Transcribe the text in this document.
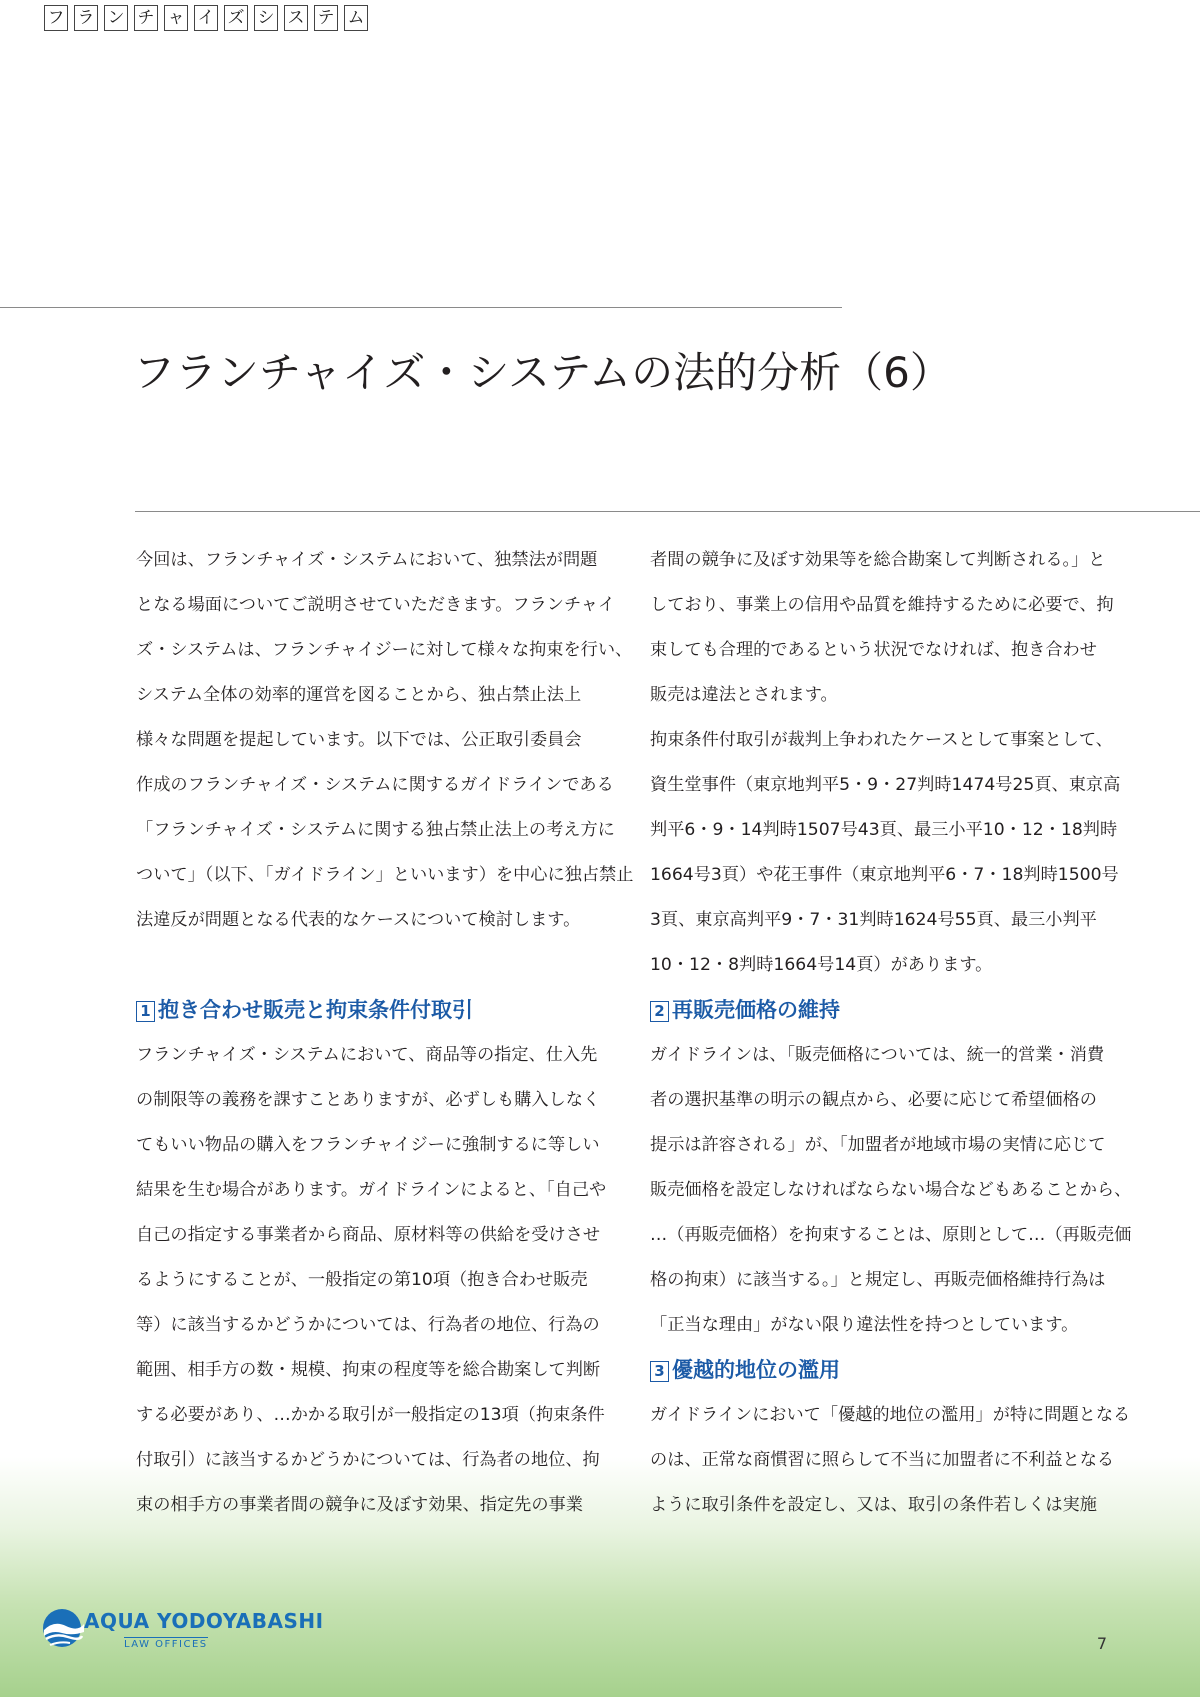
フ ラ ン チ ャ イ ズ シ ス テ ム
フランチャイズ・システムの法的分析（6）

今回は、フランチャイズ・システムにおいて、独禁法が問題
となる場面についてご説明させていただきます。フランチャイ
ズ・システムは、フランチャイジーに対して様々な拘束を行い、
システム全体の効率的運営を図ることから、独占禁止法上
様々な問題を提起しています。以下では、公正取引委員会
作成のフランチャイズ・システムに関するガイドラインである
「フランチャイズ・システムに関する独占禁止法上の考え方に
ついて」（以下、「ガイドライン」といいます）を中心に独占禁止
法違反が問題となる代表的なケースについて検討します。

1 抱き合わせ販売と拘束条件付取引

フランチャイズ・システムにおいて、商品等の指定、仕入先
の制限等の義務を課すことありますが、必ずしも購入しなく
てもいい物品の購入をフランチャイジーに強制するに等しい
結果を生む場合があります。ガイドラインによると、「自己や
自己の指定する事業者から商品、原材料等の供給を受けさせ
るようにすることが、一般指定の第10項（抱き合わせ販売
等）に該当するかどうかについては、行為者の地位、行為の
範囲、相手方の数・規模、拘束の程度等を総合勘案して判断
する必要があり、…かかる取引が一般指定の13項（拘束条件
付取引）に該当するかどうかについては、行為者の地位、拘
束の相手方の事業者間の競争に及ぼす効果、指定先の事業

者間の競争に及ぼす効果等を総合勘案して判断される。」と
しており、事業上の信用や品質を維持するために必要で、拘
束しても合理的であるという状況でなければ、抱き合わせ
販売は違法とされます。
拘束条件付取引が裁判上争われたケースとして事案として、
資生堂事件（東京地判平5・9・27判時1474号25頁、東京高
判平6・9・14判時1507号43頁、最三小平10・12・18判時
1664号3頁）や花王事件（東京地判平6・7・18判時1500号
3頁、東京高判平9・7・31判時1624号55頁、最三小判平
10・12・8判時1664号14頁）があります。

2 再販売価格の維持

ガイドラインは、「販売価格については、統一的営業・消費
者の選択基準の明示の観点から、必要に応じて希望価格の
提示は許容される」が、「加盟者が地域市場の実情に応じて
販売価格を設定しなければならない場合などもあることから、
…（再販売価格）を拘束することは、原則として…（再販売価
格の拘束）に該当する。」と規定し、再販売価格維持行為は
「正当な理由」がない限り違法性を持つとしています。

3 優越的地位の濫用

ガイドラインにおいて「優越的地位の濫用」が特に問題となる
のは、正常な商慣習に照らして不当に加盟者に不利益となる
ように取引条件を設定し、又は、取引の条件若しくは実施

AQUA YODOYABASHI
LAW OFFICES	7
